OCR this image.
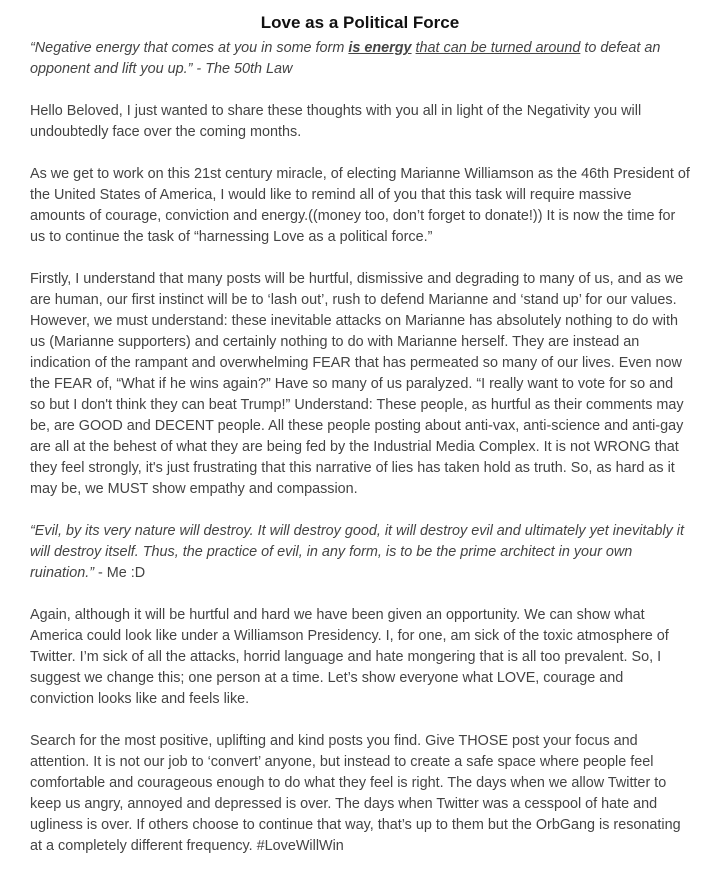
Love as a Political Force

“Negative energy that comes at you in some form is energy that can be turned around to defeat an opponent and lift you up.” - The 50th Law

Hello Beloved, I just wanted to share these thoughts with you all in light of the Negativity you will undoubtedly face over the coming months.

As we get to work on this 21st century miracle, of electing Marianne Williamson as the 46th President of the United States of America, I would like to remind all of you that this task will require massive amounts of courage, conviction and energy.((money too, don’t forget to donate!)) It is now the time for us to continue the task of “harnessing Love as a political force.”

Firstly, I understand that many posts will be hurtful, dismissive and degrading to many of us, and as we are human, our first instinct will be to ‘lash out’, rush to defend Marianne and ‘stand up’ for our values. However, we must understand: these inevitable attacks on Marianne has absolutely nothing to do with us (Marianne supporters) and certainly nothing to do with Marianne herself. They are instead an indication of the rampant and overwhelming FEAR that has permeated so many of our lives. Even now the FEAR of, “What if he wins again?” Have so many of us paralyzed. “I really want to vote for so and so but I don't think they can beat Trump!” Understand: These people, as hurtful as their comments may be, are GOOD and DECENT people. All these people posting about anti-vax, anti-science and anti-gay are all at the behest of what they are being fed by the Industrial Media Complex. It is not WRONG that they feel strongly, it's just frustrating that this narrative of lies has taken hold as truth. So, as hard as it may be, we MUST show empathy and compassion.

“Evil, by its very nature will destroy. It will destroy good, it will destroy evil and ultimately yet inevitably it will destroy itself. Thus, the practice of evil, in any form, is to be the prime architect in your own ruination.” - Me :D

Again, although it will be hurtful and hard we have been given an opportunity. We can show what America could look like under a Williamson Presidency. I, for one, am sick of the toxic atmosphere of Twitter. I’m sick of all the attacks, horrid language and hate mongering that is all too prevalent. So, I suggest we change this; one person at a time. Let’s show everyone what LOVE, courage and conviction looks like and feels like.

Search for the most positive, uplifting and kind posts you find. Give THOSE post your focus and attention. It is not our job to ‘convert’ anyone, but instead to create a safe space where people feel comfortable and courageous enough to do what they feel is right. The days when we allow Twitter to keep us angry, annoyed and depressed is over. The days when Twitter was a cesspool of hate and ugliness is over. If others choose to continue that way, that’s up to them but the OrbGang is resonating at a completely different frequency. #LoveWillWin
